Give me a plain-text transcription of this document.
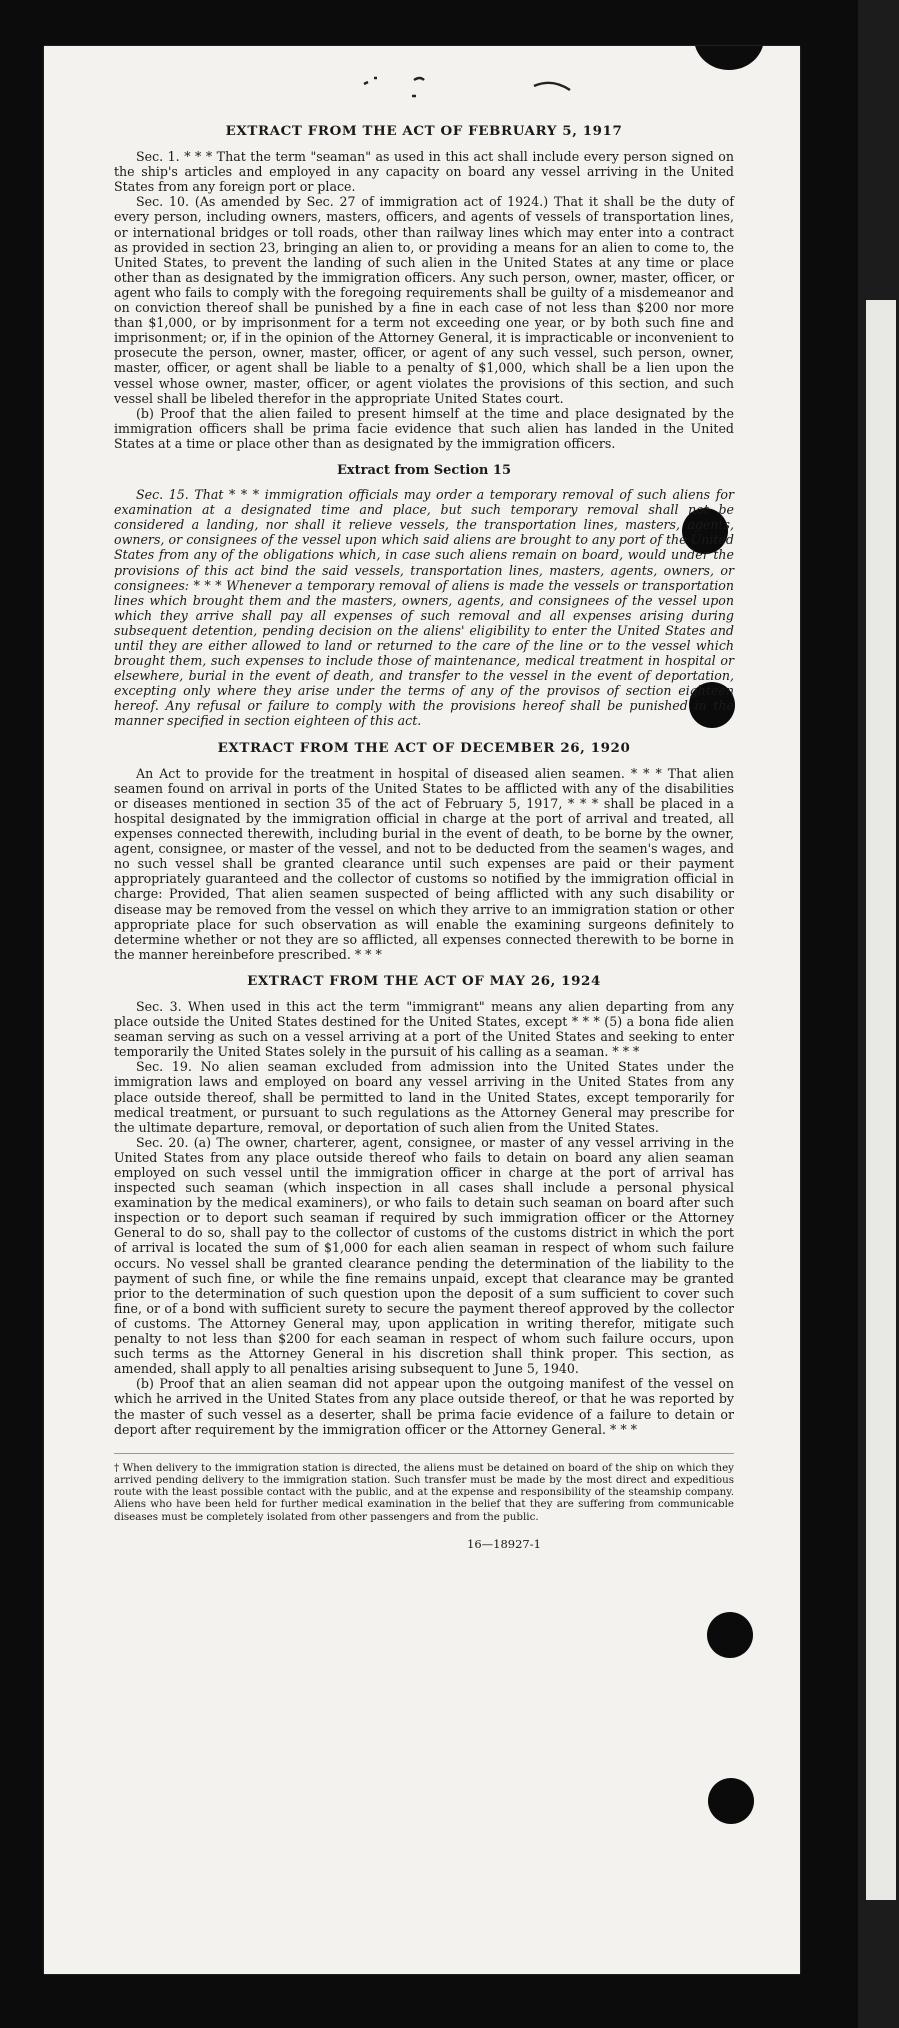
EXTRACT FROM THE ACT OF FEBRUARY 5, 1917

Sec. 1. * * * That the term "seaman" as used in this act shall include every person signed on the ship's articles and employed in any capacity on board any vessel arriving in the United States from any foreign port or place.

Sec. 10. (As amended by Sec. 27 of immigration act of 1924.) That it shall be the duty of every person, including owners, masters, officers, and agents of vessels of transportation lines, or international bridges or toll roads, other than railway lines which may enter into a contract as provided in section 23, bringing an alien to, or providing a means for an alien to come to, the United States, to prevent the landing of such alien in the United States at any time or place other than as designated by the immigration officers. Any such person, owner, master, officer, or agent who fails to comply with the foregoing requirements shall be guilty of a misdemeanor and on conviction thereof shall be punished by a fine in each case of not less than $200 nor more than $1,000, or by imprisonment for a term not exceeding one year, or by both such fine and imprisonment; or, if in the opinion of the Attorney General, it is impracticable or inconvenient to prosecute the person, owner, master, officer, or agent of any such vessel, such person, owner, master, officer, or agent shall be liable to a penalty of $1,000, which shall be a lien upon the vessel whose owner, master, officer, or agent violates the provisions of this section, and such vessel shall be libeled therefor in the appropriate United States court.

(b) Proof that the alien failed to present himself at the time and place designated by the immigration officers shall be prima facie evidence that such alien has landed in the United States at a time or place other than as designated by the immigration officers.

Extract from Section 15

Sec. 15. That * * * immigration officials may order a temporary removal of such aliens for examination at a designated time and place, but such temporary removal shall not be considered a landing, nor shall it relieve vessels, the transportation lines, masters, agents, owners, or consignees of the vessel upon which said aliens are brought to any port of the United States from any of the obligations which, in case such aliens remain on board, would under the provisions of this act bind the said vessels, transportation lines, masters, agents, owners, or consignees: * * * Whenever a temporary removal of aliens is made the vessels or transportation lines which brought them and the masters, owners, agents, and consignees of the vessel upon which they arrive shall pay all expenses of such removal and all expenses arising during subsequent detention, pending decision on the aliens' eligibility to enter the United States and until they are either allowed to land or returned to the care of the line or to the vessel which brought them, such expenses to include those of maintenance, medical treatment in hospital or elsewhere, burial in the event of death, and transfer to the vessel in the event of deportation, excepting only where they arise under the terms of any of the provisos of section eighteen hereof. Any refusal or failure to comply with the provisions hereof shall be punished in the manner specified in section eighteen of this act.

EXTRACT FROM THE ACT OF DECEMBER 26, 1920

An Act to provide for the treatment in hospital of diseased alien seamen. * * * That alien seamen found on arrival in ports of the United States to be afflicted with any of the disabilities or diseases mentioned in section 35 of the act of February 5, 1917, * * * shall be placed in a hospital designated by the immigration official in charge at the port of arrival and treated, all expenses connected therewith, including burial in the event of death, to be borne by the owner, agent, consignee, or master of the vessel, and not to be deducted from the seamen's wages, and no such vessel shall be granted clearance until such expenses are paid or their payment appropriately guaranteed and the collector of customs so notified by the immigration official in charge: Provided, That alien seamen suspected of being afflicted with any such disability or disease may be removed from the vessel on which they arrive to an immigration station or other appropriate place for such observation as will enable the examining surgeons definitely to determine whether or not they are so afflicted, all expenses connected therewith to be borne in the manner hereinbefore prescribed. * * *

EXTRACT FROM THE ACT OF MAY 26, 1924

Sec. 3. When used in this act the term "immigrant" means any alien departing from any place outside the United States destined for the United States, except * * * (5) a bona fide alien seaman serving as such on a vessel arriving at a port of the United States and seeking to enter temporarily the United States solely in the pursuit of his calling as a seaman. * * *

Sec. 19. No alien seaman excluded from admission into the United States under the immigration laws and employed on board any vessel arriving in the United States from any place outside thereof, shall be permitted to land in the United States, except temporarily for medical treatment, or pursuant to such regulations as the Attorney General may prescribe for the ultimate departure, removal, or deportation of such alien from the United States.

Sec. 20. (a) The owner, charterer, agent, consignee, or master of any vessel arriving in the United States from any place outside thereof who fails to detain on board any alien seaman employed on such vessel until the immigration officer in charge at the port of arrival has inspected such seaman (which inspection in all cases shall include a personal physical examination by the medical examiners), or who fails to detain such seaman on board after such inspection or to deport such seaman if required by such immigration officer or the Attorney General to do so, shall pay to the collector of customs of the customs district in which the port of arrival is located the sum of $1,000 for each alien seaman in respect of whom such failure occurs. No vessel shall be granted clearance pending the determination of the liability to the payment of such fine, or while the fine remains unpaid, except that clearance may be granted prior to the determination of such question upon the deposit of a sum sufficient to cover such fine, or of a bond with sufficient surety to secure the payment thereof approved by the collector of customs. The Attorney General may, upon application in writing therefor, mitigate such penalty to not less than $200 for each seaman in respect of whom such failure occurs, upon such terms as the Attorney General in his discretion shall think proper. This section, as amended, shall apply to all penalties arising subsequent to June 5, 1940.

(b) Proof that an alien seaman did not appear upon the outgoing manifest of the vessel on which he arrived in the United States from any place outside thereof, or that he was reported by the master of such vessel as a deserter, shall be prima facie evidence of a failure to detain or deport after requirement by the immigration officer or the Attorney General. * * *

† When delivery to the immigration station is directed, the aliens must be detained on board of the ship on which they arrived pending delivery to the immigration station. Such transfer must be made by the most direct and expeditious route with the least possible contact with the public, and at the expense and responsibility of the steamship company. Aliens who have been held for further medical examination in the belief that they are suffering from communicable diseases must be completely isolated from other passengers and from the public.
16—18927-1
